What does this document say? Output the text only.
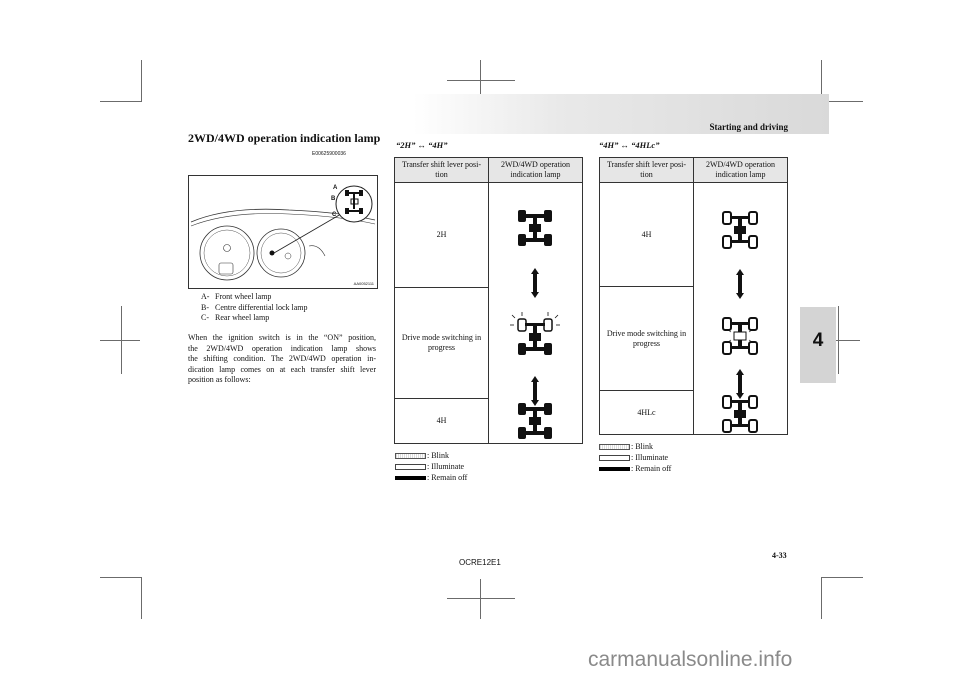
Starting and driving
4
2WD/4WD operation indication lamp
E00625900036
A
B
C
AA0052111
A- Front wheel lamp
B- Centre differential lock lamp
C- Rear wheel lamp
When the ignition switch is in the “ON” position,
the 2WD/4WD operation indication lamp shows
the shifting condition. The 2WD/4WD operation in-
dication lamp comes on at each transfer shift lever
position as follows:
“2H” ↔ “4H”
Transfer shift lever posi- tion	2WD/4WD operation indication lamp
2H	

Drive mode switching in progress	
4H	
: Blink
: Illuminate
: Remain off
“4H” ↔ “4HLc”
Transfer shift lever posi- tion	2WD/4WD operation indication lamp
4H	

Drive mode switching in progress	
4HLc	
: Blink
: Illuminate
: Remain off
OCRE12E1
4-33
carmanualsonline.info
